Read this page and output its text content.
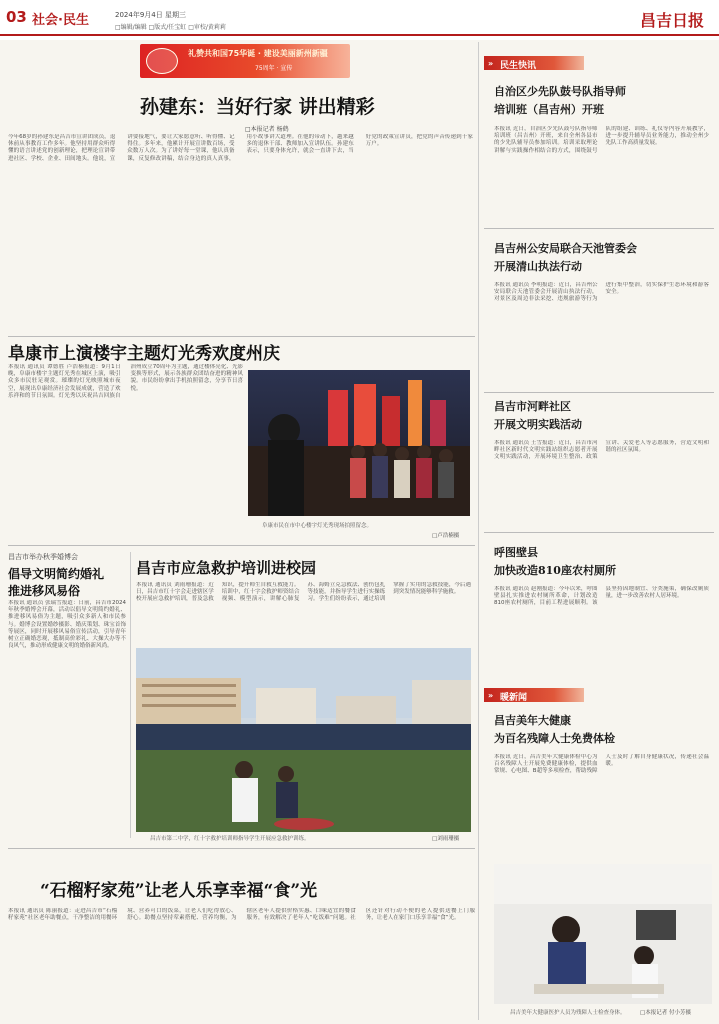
03 社会·民生	2024年9月4日 星期三
□编辑/编辑 □版式/任宝虹 □审校/黄莉莉	昌吉日报
礼赞共和国75华诞 · 建设美丽新州新疆
75周年 · 宣传
孙建东：当好行家 讲出精彩
□本报记者 杨鹤
今年68岁的孙建东是昌吉市宣讲团成员，退休前从事教育工作多年。他坚持用群众听得懂的语言讲述党的创新理论，把理论宣讲带进社区、学校、企业、田间地头。他说，宣讲要接地气，要让大家愿意听、听得懂、记得住。多年来，他累计开展宣讲数百场，受众数万人次。为了讲好每一堂课，他认真备课，反复修改讲稿，结合身边的真人真事，用小故事讲大道理。在他的带动下，越来越多的退休干部、教师加入宣讲队伍。孙建东表示，只要身体允许，就会一直讲下去，当好党的政策宣讲员，把党的声音传递到千家万户。
阜康市上演楼宇主题灯光秀欢度州庆
本报讯 通讯员 谭德胜 卢浩楠报道：9月1日晚，阜康市楼宇主题灯光秀在城区上演，吸引众多市民驻足观赏。璀璨的灯光映照城市夜空，展现出阜康经济社会发展成就，营造了欢乐祥和的节日氛围。灯光秀以庆祝昌吉回族自治州成立70周年为主题，通过楼体亮化、光影变换等形式，展示各族群众团结奋进的精神风貌。市民纷纷拿出手机拍照留念，分享节日喜悦。
阜康市民在市中心楼宇灯光秀现场拍照留念。
□卢浩楠摄
昌吉市举办秋季婚博会
倡导文明简约婚礼
推进移风易俗
本报讯 通讯员 张瑞雪报道：日前，昌吉市2024年秋季婚博会开幕，活动以倡导文明简约婚礼、推进移风易俗为主题，吸引众多新人和市民参与。婚博会设置婚纱摄影、婚庆策划、珠宝首饰等展区，同时开展移风易俗宣传活动，引导青年树立正确婚恋观，抵制高价彩礼、大操大办等不良风气，推动形成健康文明的婚俗新风尚。
昌吉市应急救护培训进校园
本报讯 通讯员 刘雨珊报道：近日，昌吉市红十字会走进辖区学校开展应急救护培训，普及急救知识，提升师生自救互救能力。培训中，红十字会救护师资结合视频、模型演示，讲解心肺复苏、海姆立克急救法、创伤包扎等技能，并指导学生进行实操练习。学生们纷纷表示，通过培训掌握了实用的急救技能，今后遇到突发情况能够科学施救。
昌吉市第二中学，红十字救护培训师指导学生开展应急救护训练。	□刘雨珊摄
“石榴籽家苑”让老人乐享幸福“食”光
本报讯 通讯员 陈丽报道：走进昌吉市“石榴籽家苑”社区老年助餐点，干净整洁的用餐环境、营养可口的饭菜，让老人们吃得放心、舒心。助餐点坚持荤素搭配、营养均衡，为辖区老年人提供价格实惠、口味适宜的餐食服务，有效解决了老年人“吃饭难”问题。社区还针对行动不便的老人提供送餐上门服务，让老人在家门口乐享幸福“食”光。
» 民生快讯
自治区少先队鼓号队指导师
培训班（昌吉州）开班
本报讯 近日，自治区少先队鼓号队指导师培训班（昌吉州）开班，来自全州各县市的少先队辅导员参加培训。培训采取理论讲解与实践操作相结合的方式，围绕鼓号队的组建、训练、礼仪等内容开展教学，进一步提升辅导员业务能力，推动全州少先队工作高质量发展。
昌吉州公安局联合天池管委会
开展清山执法行动
本报讯 通讯员 李明报道：近日，昌吉州公安局联合天池管委会开展清山执法行动，对景区及周边非法采挖、违规旅游等行为进行集中整治，切实保护生态环境和游客安全。
昌吉市河畔社区
开展文明实践活动
本报讯 通讯员 王雪报道：近日，昌吉市河畔社区新时代文明实践站组织志愿者开展文明实践活动，开展环境卫生整治、政策宣讲、关爱老人等志愿服务，营造文明和谐的社区氛围。
呼图壁县
加快改造810座农村厕所
本报讯 通讯员 赵刚报道：今年以来，呼图壁县扎实推进农村厕所革命，计划改造810座农村厕所，目前工程进展顺利。该县坚持因地制宜、分类施策，确保改厕质量，进一步改善农村人居环境。
» 暖新闻
昌吉美年大健康
为百名残障人士免费体检
本报讯 近日，昌吉美年大健康体检中心为百名残障人士开展免费健康体检，提供血常规、心电图、B超等多项检查，帮助残障人士及时了解自身健康状况，传递社会温暖。
昌吉美年大健康医护人员为残障人士检查身体。	□本报记者 付小芳摄
